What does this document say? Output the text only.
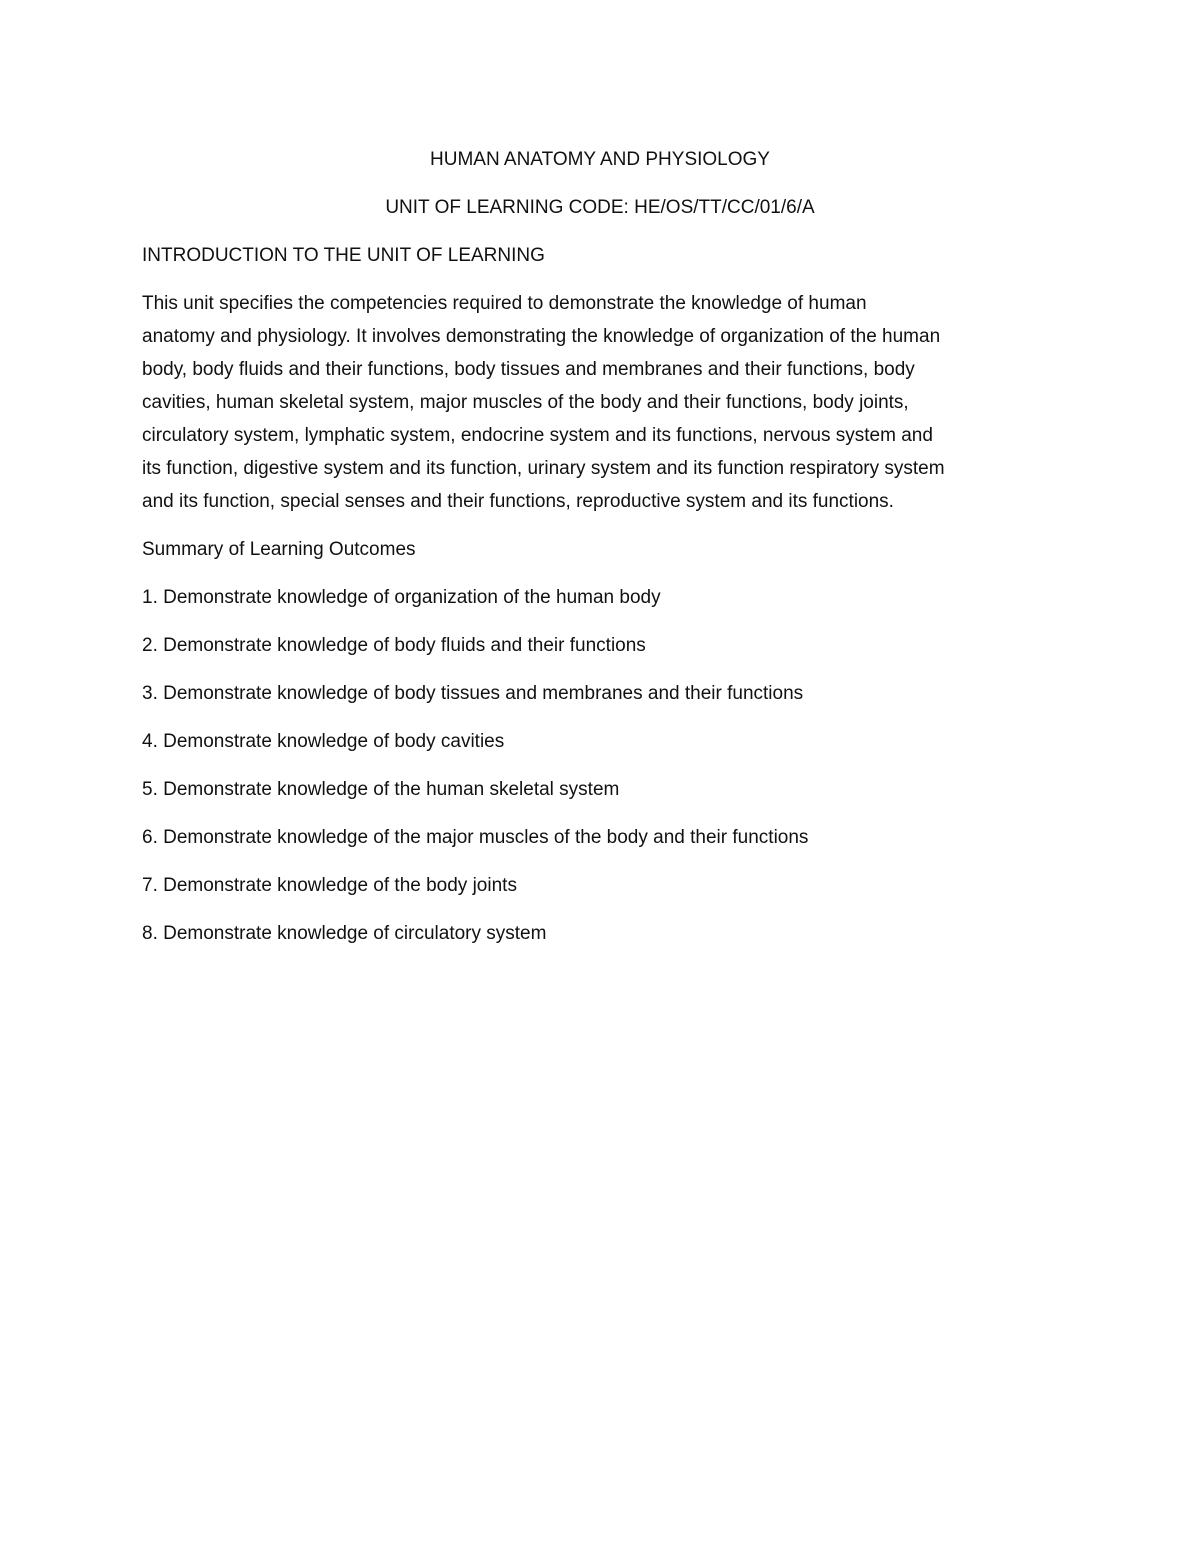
HUMAN ANATOMY AND PHYSIOLOGY

UNIT OF LEARNING CODE: HE/OS/TT/CC/01/6/A

INTRODUCTION TO THE UNIT OF LEARNING

This unit specifies the competencies required to demonstrate the knowledge of human

anatomy and physiology. It involves demonstrating the knowledge of organization of the human

body, body fluids and their functions, body tissues and membranes and their functions, body

cavities, human skeletal system, major muscles of the body and their functions, body joints,

circulatory system, lymphatic system, endocrine system and its functions, nervous system and

its function, digestive system and its function, urinary system and its function respiratory system

and its function, special senses and their functions, reproductive system and its functions.

Summary of Learning Outcomes

1. Demonstrate knowledge of organization of the human body

2. Demonstrate knowledge of body fluids and their functions

3. Demonstrate knowledge of body tissues and membranes and their functions

4. Demonstrate knowledge of body cavities

5. Demonstrate knowledge of the human skeletal system

6. Demonstrate knowledge of the major muscles of the body and their functions

7. Demonstrate knowledge of the body joints

8. Demonstrate knowledge of circulatory system
